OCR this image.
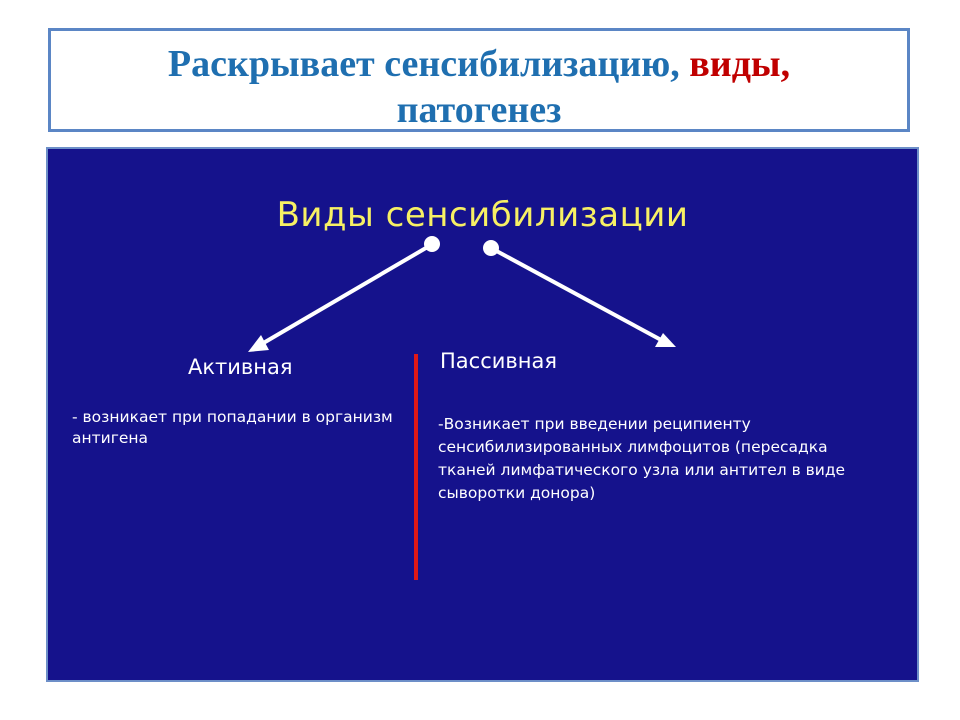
Раскрывает сенсибилизацию, виды,
патогенез
Виды сенсибилизации
Активная	Пассивная
- возникает при попадании в организм антигена
-Возникает при введении реципиенту сенсибилизированных лимфоцитов (пересадка тканей лимфатического узла или антител в виде сыворотки донора)
